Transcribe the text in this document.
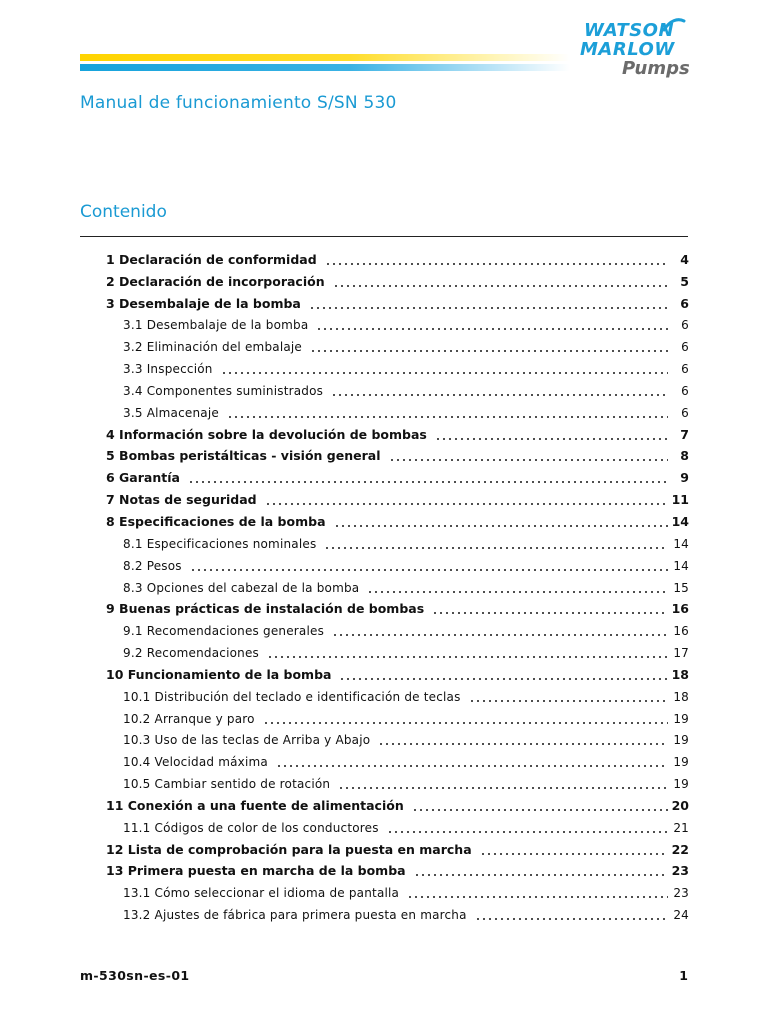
WATSON
MARLOW
Pumps
Manual de funcionamiento S/SN 530
Contenido
1 Declaración de conformidad	4
2 Declaración de incorporación	5
3 Desembalaje de la bomba	6
3.1 Desembalaje de la bomba	6
3.2 Eliminación del embalaje	6
3.3 Inspección	6
3.4 Componentes suministrados	6
3.5 Almacenaje	6
4 Información sobre la devolución de bombas	7
5 Bombas peristálticas - visión general	8
6 Garantía	9
7 Notas de seguridad	11
8 Especificaciones de la bomba	14
8.1 Especificaciones nominales	14
8.2 Pesos	14
8.3 Opciones del cabezal de la bomba	15
9 Buenas prácticas de instalación de bombas	16
9.1 Recomendaciones generales	16
9.2 Recomendaciones	17
10 Funcionamiento de la bomba	18
10.1 Distribución del teclado e identificación de teclas	18
10.2 Arranque y paro	19
10.3 Uso de las teclas de Arriba y Abajo	19
10.4 Velocidad máxima	19
10.5 Cambiar sentido de rotación	19
11 Conexión a una fuente de alimentación	20
11.1 Códigos de color de los conductores	21
12 Lista de comprobación para la puesta en marcha	22
13 Primera puesta en marcha de la bomba	23
13.1 Cómo seleccionar el idioma de pantalla	23
13.2 Ajustes de fábrica para primera puesta en marcha	24
m-530sn-es-01	1
